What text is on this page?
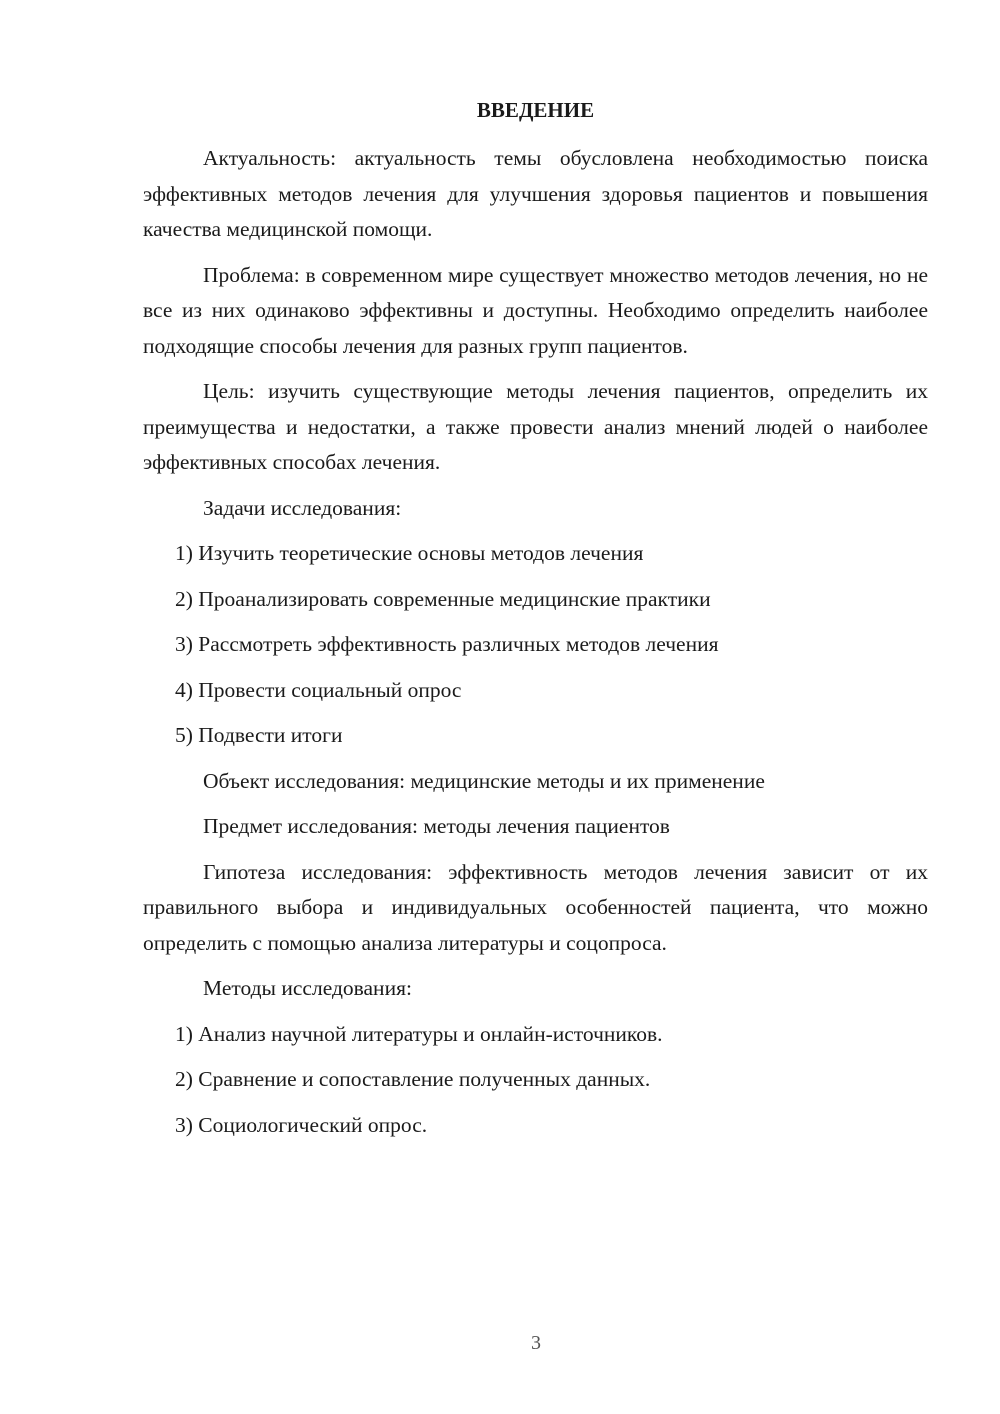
ВВЕДЕНИЕ

Актуальность: актуальность темы обусловлена необходимостью поиска эффективных методов лечения для улучшения здоровья пациентов и повышения качества медицинской помощи.

Проблема: в современном мире существует множество методов лечения, но не все из них одинаково эффективны и доступны. Необходимо определить наиболее подходящие способы лечения для разных групп пациентов.

Цель: изучить существующие методы лечения пациентов, определить их преимущества и недостатки, а также провести анализ мнений людей о наиболее эффективных способах лечения.

Задачи исследования:
1) Изучить теоретические основы методов лечения
2) Проанализировать современные медицинские практики
3) Рассмотреть эффективность различных методов лечения
4) Провести социальный опрос
5) Подвести итоги
Объект исследования: медицинские методы и их применение
Предмет исследования: методы лечения пациентов

Гипотеза исследования: эффективность методов лечения зависит от их правильного выбора и индивидуальных особенностей пациента, что можно определить с помощью анализа литературы и соцопроса.

Методы исследования:
1) Анализ научной литературы и онлайн-источников.
2) Сравнение и сопоставление полученных данных.
3) Социологический опрос.
3
